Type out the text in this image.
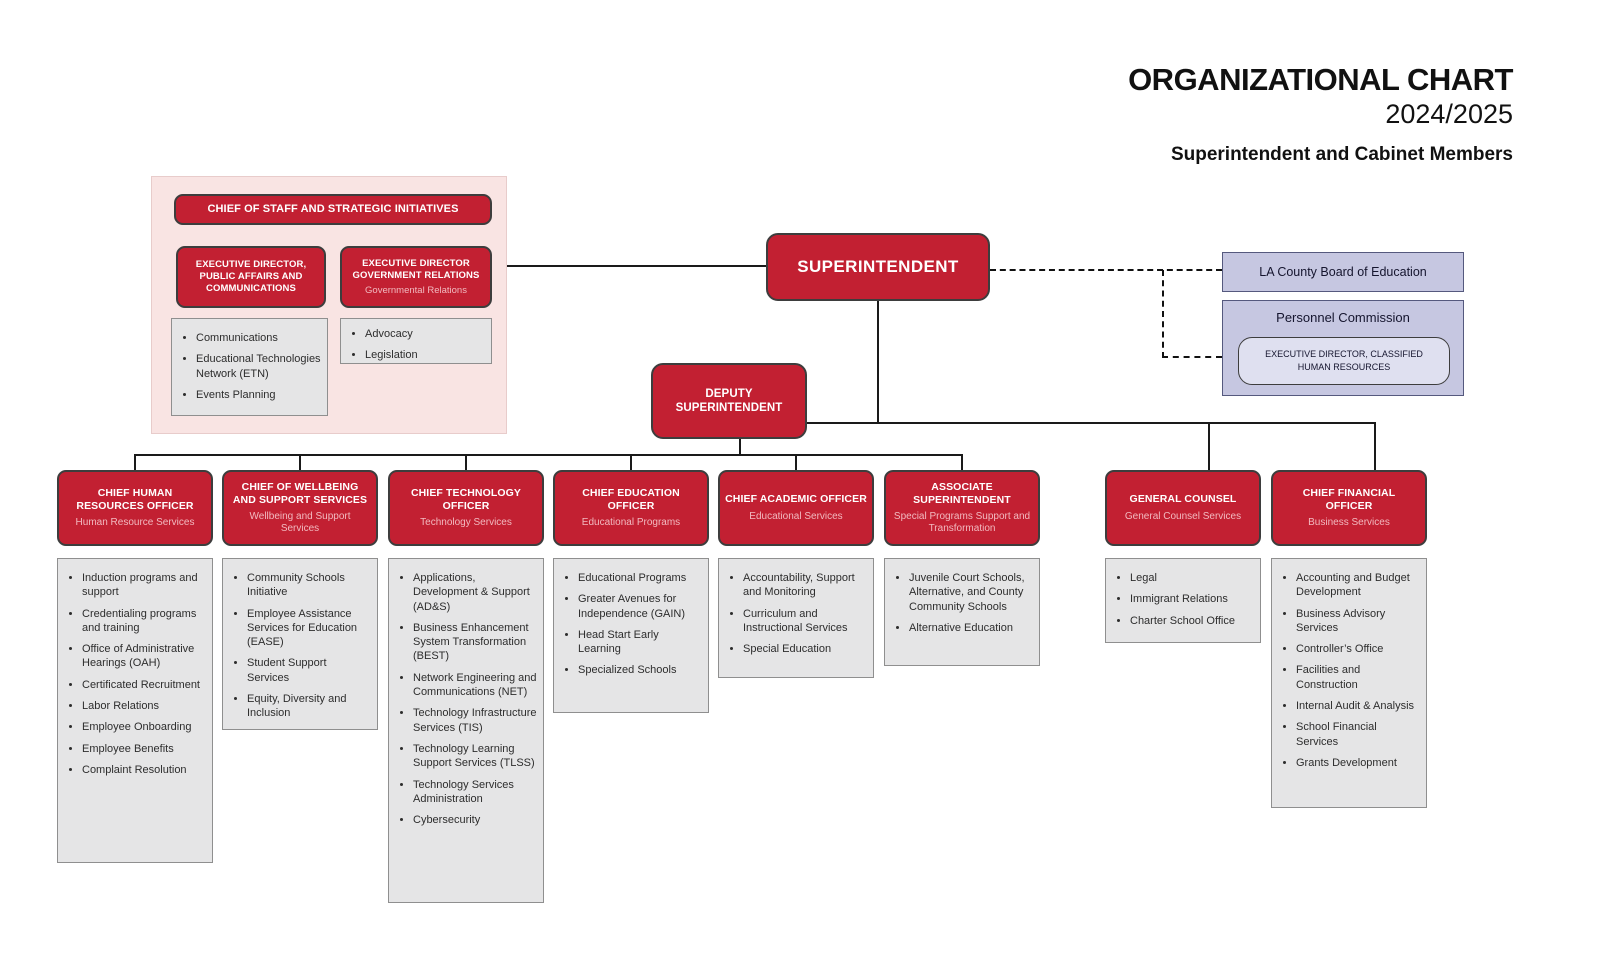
ORGANIZATIONAL CHART
2024/2025
Superintendent and Cabinet Members
CHIEF OF STAFF AND STRATEGIC INITIATIVES
EXECUTIVE DIRECTOR, PUBLIC AFFAIRS AND COMMUNICATIONS
EXECUTIVE DIRECTOR GOVERNMENT RELATIONS
Governmental Relations
• Communications
• Educational Technologies Network (ETN)
• Events Planning
• Advocacy
• Legislation
SUPERINTENDENT
DEPUTY SUPERINTENDENT
LA County Board of Education
Personnel Commission
EXECUTIVE DIRECTOR, CLASSIFIED HUMAN RESOURCES
CHIEF HUMAN RESOURCES OFFICER
Human Resource Services
CHIEF OF WELLBEING AND SUPPORT SERVICES
Wellbeing and Support Services
CHIEF TECHNOLOGY OFFICER
Technology Services
CHIEF EDUCATION OFFICER
Educational Programs
CHIEF ACADEMIC OFFICER
Educational Services
ASSOCIATE SUPERINTENDENT
Special Programs Support and Transformation
GENERAL COUNSEL
General Counsel Services
CHIEF FINANCIAL OFFICER
Business Services
• Induction programs and support
• Credentialing programs and training
• Office of Administrative Hearings (OAH)
• Certificated Recruitment
• Labor Relations
• Employee Onboarding
• Employee Benefits
• Complaint Resolution
• Community Schools Initiative
• Employee Assistance Services for Education (EASE)
• Student Support Services
• Equity, Diversity and Inclusion
• Applications, Development & Support (AD&S)
• Business Enhancement System Transformation (BEST)
• Network Engineering and Communications (NET)
• Technology Infrastructure Services (TIS)
• Technology Learning Support Services (TLSS)
• Technology Services Administration
• Cybersecurity
• Educational Programs
• Greater Avenues for Independence (GAIN)
• Head Start Early Learning
• Specialized Schools
• Accountability, Support and Monitoring
• Curriculum and Instructional Services
• Special Education
• Juvenile Court Schools, Alternative, and County Community Schools
• Alternative Education
• Legal
• Immigrant Relations
• Charter School Office
• Accounting and Budget Development
• Business Advisory Services
• Controller’s Office
• Facilities and Construction
• Internal Audit & Analysis
• School Financial Services
• Grants Development
